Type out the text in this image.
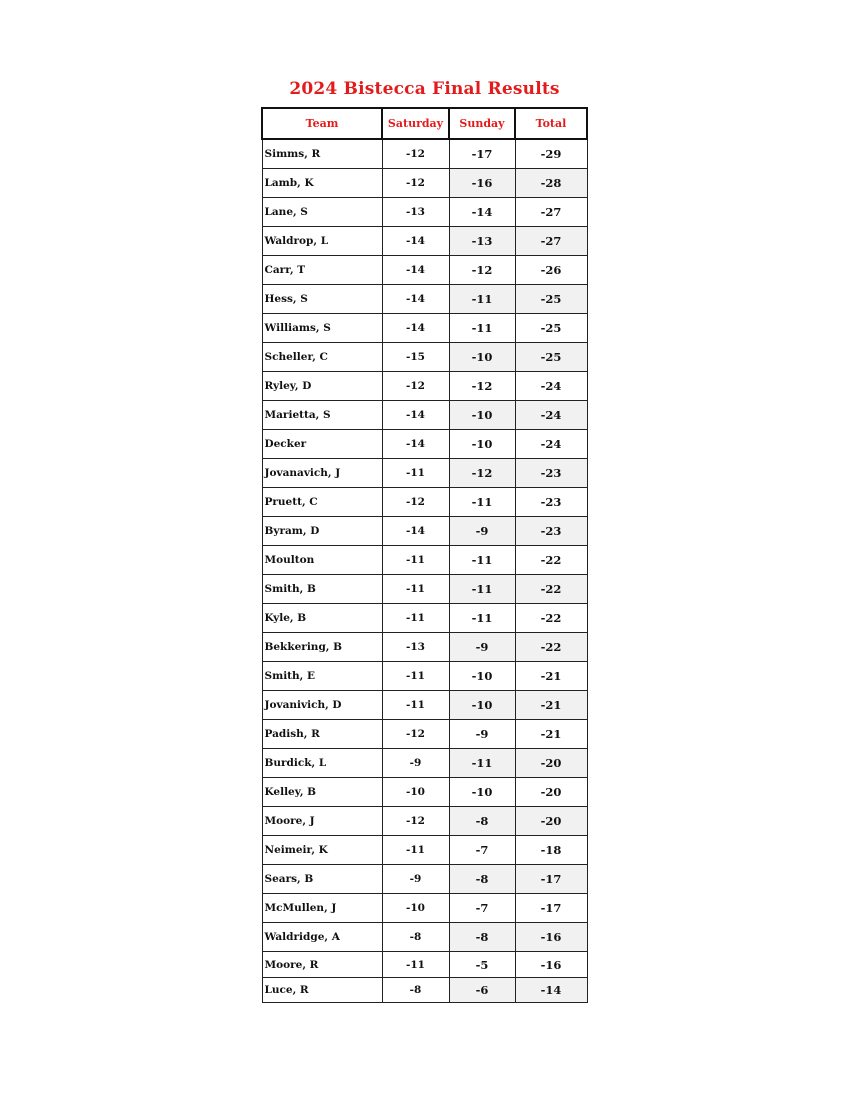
2024 Bistecca Final Results
Team	Saturday	Sunday	Total
Simms, R	-12	-17	-29
Lamb, K	-12	-16	-28
Lane, S	-13	-14	-27
Waldrop, L	-14	-13	-27
Carr, T	-14	-12	-26
Hess, S	-14	-11	-25
Williams, S	-14	-11	-25
Scheller, C	-15	-10	-25
Ryley, D	-12	-12	-24
Marietta, S	-14	-10	-24
Decker	-14	-10	-24
Jovanavich, J	-11	-12	-23
Pruett, C	-12	-11	-23
Byram, D	-14	-9	-23
Moulton	-11	-11	-22
Smith, B	-11	-11	-22
Kyle, B	-11	-11	-22
Bekkering, B	-13	-9	-22
Smith, E	-11	-10	-21
Jovanivich, D	-11	-10	-21
Padish, R	-12	-9	-21
Burdick, L	-9	-11	-20
Kelley, B	-10	-10	-20
Moore, J	-12	-8	-20
Neimeir, K	-11	-7	-18
Sears, B	-9	-8	-17
McMullen, J	-10	-7	-17
Waldridge, A	-8	-8	-16
Moore, R	-11	-5	-16
Luce, R	-8	-6	-14
